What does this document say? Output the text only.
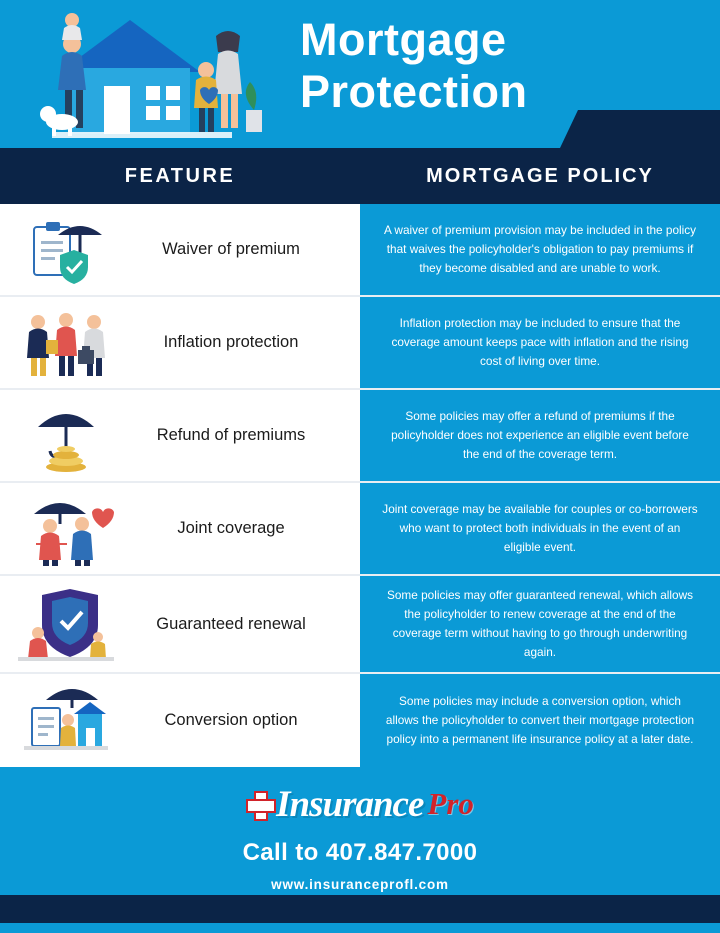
Mortgage
Protection
FEATURE	MORTGAGE POLICY
Waiver of premium
A waiver of premium provision may be included in the policy that waives the policyholder's obligation to pay premiums if they become disabled and are unable to work.
Inflation protection
Inflation protection may be included to ensure that the coverage amount keeps pace with inflation and the rising cost of living over time.
Refund of premiums
Some policies may offer a refund of premiums if the policyholder does not experience an eligible event before the end of the coverage term.
Joint coverage
Joint coverage may be available for couples or co-borrowers who want to protect both individuals in the event of an eligible event.
Guaranteed renewal
Some policies may offer guaranteed renewal, which allows the policyholder to renew coverage at the end of the coverage term without having to go through underwriting again.
Conversion option
Some policies may include a conversion option, which allows the policyholder to convert their mortgage protection policy into a permanent life insurance policy at a later date.
Insurance Pro
Call to 407.847.7000
www.insuranceprofl.com
